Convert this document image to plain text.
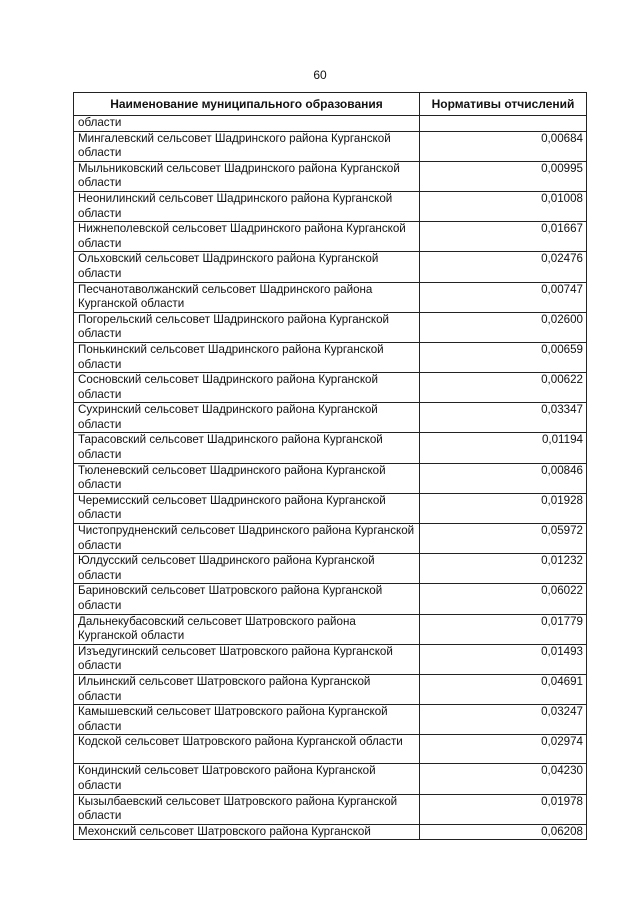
60
Наименование муниципального образования	Нормативы отчислений
области	
Мингалевский сельсовет Шадринского района Курганской области	0,00684
Мыльниковский сельсовет Шадринского района Курганской области	0,00995
Неонилинский сельсовет Шадринского района Курганской области	0,01008
Нижнеполевской сельсовет Шадринского района Курганской области	0,01667
Ольховский сельсовет Шадринского района Курганской области	0,02476
Песчанотаволжанский сельсовет Шадринского района Курганской области	0,00747
Погорельский сельсовет Шадринского района Курганской области	0,02600
Понькинский сельсовет Шадринского района Курганской области	0,00659
Сосновский сельсовет Шадринского района Курганской области	0,00622
Сухринский сельсовет Шадринского района Курганской области	0,03347
Тарасовский сельсовет Шадринского района Курганской области	0,01194
Тюленевский сельсовет Шадринского района Курганской области	0,00846
Черемисский сельсовет Шадринского района Курганской области	0,01928
Чистопрудненский сельсовет Шадринского района Курганской области	0,05972
Юлдусский сельсовет Шадринского района Курганской области	0,01232
Бариновский сельсовет Шатровского района Курганской области	0,06022
Дальнекубасовский сельсовет Шатровского района Курганской области	0,01779
Изъедугинский сельсовет Шатровского района Курганской области	0,01493
Ильинский сельсовет Шатровского района Курганской области	0,04691
Камышевский сельсовет Шатровского района Курганской области	0,03247
Кодской сельсовет Шатровского района Курганской области	0,02974
Кондинский сельсовет Шатровского района Курганской области	0,04230
Кызылбаевский сельсовет Шатровского района Курганской области	0,01978
Мехонский сельсовет Шатровского района Курганской	0,06208
